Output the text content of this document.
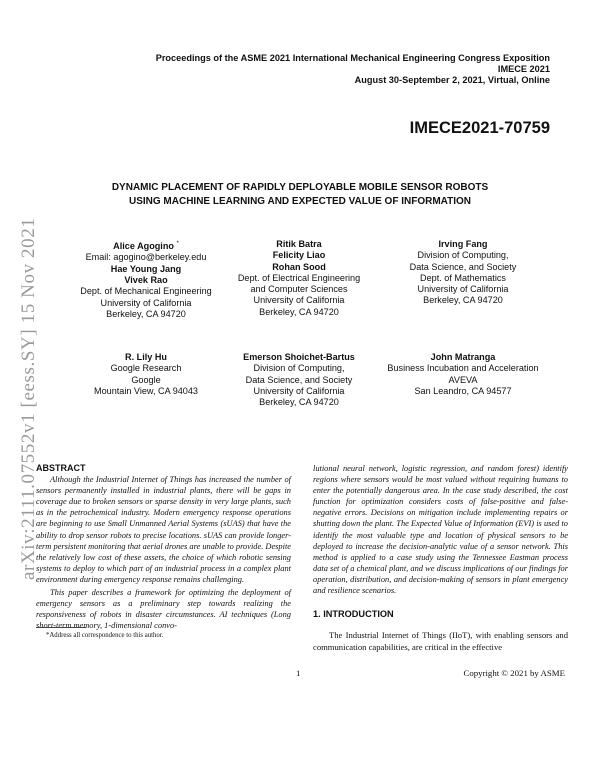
arXiv:2111.07552v1 [eess.SY] 15 Nov 2021
Proceedings of the ASME 2021 International Mechanical Engineering Congress Exposition
IMECE 2021
August 30-September 2, 2021, Virtual, Online
IMECE2021-70759
DYNAMIC PLACEMENT OF RAPIDLY DEPLOYABLE MOBILE SENSOR ROBOTS
USING MACHINE LEARNING AND EXPECTED VALUE OF INFORMATION
Alice Agogino *
Email: agogino@berkeley.edu
Hae Young Jang
Vivek Rao
Dept. of Mechanical Engineering
University of California
Berkeley, CA 94720
Ritik Batra
Felicity Liao
Rohan Sood
Dept. of Electrical Engineering
and Computer Sciences
University of California
Berkeley, CA 94720
Irving Fang
Division of Computing,
Data Science, and Society
Dept. of Mathematics
University of California
Berkeley, CA 94720
R. Lily Hu
Google Research
Google
Mountain View, CA 94043
Emerson Shoichet-Bartus
Division of Computing,
Data Science, and Society
University of California
Berkeley, CA 94720
John Matranga
Business Incubation and Acceleration
AVEVA
San Leandro, CA 94577
ABSTRACT

Although the Industrial Internet of Things has increased the number of sensors permanently installed in industrial plants, there will be gaps in coverage due to broken sensors or sparse density in very large plants, such as in the petrochemical industry. Modern emergency response operations are beginning to use Small Unmanned Aerial Systems (sUAS) that have the ability to drop sensor robots to precise locations. sUAS can provide longer-term persistent monitoring that aerial drones are unable to provide. Despite the relatively low cost of these assets, the choice of which robotic sensing systems to deploy to which part of an industrial process in a complex plant environment during emergency response remains challenging.

This paper describes a framework for optimizing the deployment of emergency sensors as a preliminary step towards realizing the responsiveness of robots in disaster circumstances. AI techniques (Long short-term memory, 1-dimensional convo-

lutional neural network, logistic regression, and random forest) identify regions where sensors would be most valued without requiring humans to enter the potentially dangerous area. In the case study described, the cost function for optimization considers costs of false-positive and false-negative errors. Decisions on mitigation include implementing repairs or shutting down the plant. The Expected Value of Information (EVI) is used to identify the most valuable type and location of physical sensors to be deployed to increase the decision-analytic value of a sensor network. This method is applied to a case study using the Tennessee Eastman process data set of a chemical plant, and we discuss implications of our findings for operation, distribution, and decision-making of sensors in plant emergency and resilience scenarios.
1. INTRODUCTION
The Industrial Internet of Things (IIoT), with enabling sensors and communication capabilities, are critical in the effective
*Address all correspondence to this author.
1	Copyright © 2021 by ASME
